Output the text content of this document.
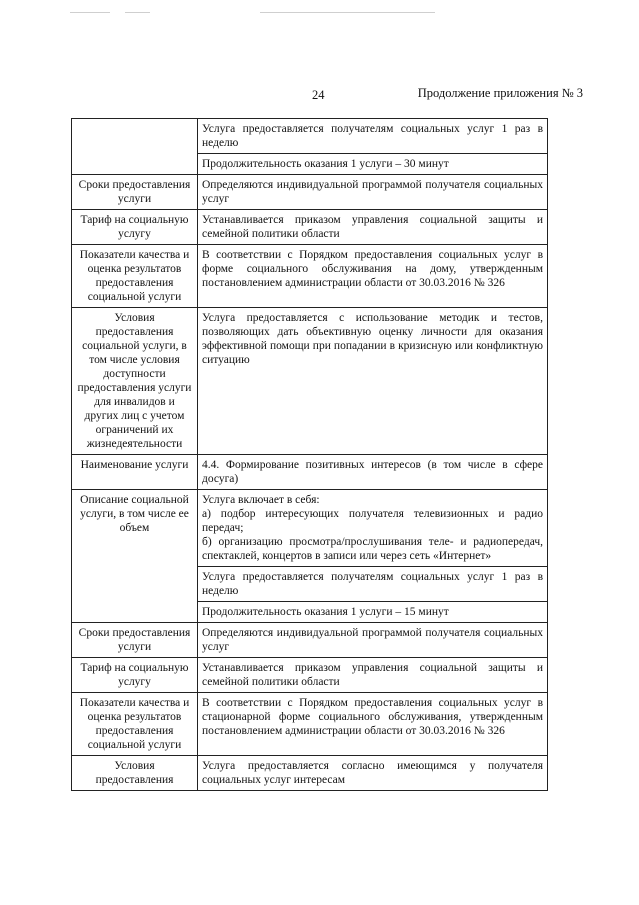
24	Продолжение приложения № 3
	Услуга предоставляется получателям социальных услуг 1 раз в неделю
	Продолжительность оказания 1 услуги – 30 минут
Сроки предоставления услуги	Определяются индивидуальной программой получателя социальных услуг
Тариф на социальную услугу	Устанавливается приказом управления социальной защиты и семейной политики области
Показатели качества и оценка результатов предоставления социальной услуги	В соответствии с Порядком предоставления социальных услуг в форме социального обслуживания на дому, утвержденным постановлением администрации области от 30.03.2016 № 326
Условия предоставления социальной услуги, в том числе условия доступности предоставления услуги для инвалидов и других лиц с учетом ограничений их жизнедеятельности	Услуга предоставляется с использование методик и тестов, позволяющих дать объективную оценку личности для оказания эффективной помощи при попадании в кризисную или конфликтную ситуацию
Наименование услуги	4.4. Формирование позитивных интересов (в том числе в сфере досуга)
Описание социальной услуги, в том числе ее объем	Услуга включает в себя:
а) подбор интересующих получателя телевизионных и радио передач;
б) организацию просмотра/прослушивания теле- и радиопередач, спектаклей, концертов в записи или через сеть «Интернет»
	Услуга предоставляется получателям социальных услуг 1 раз в неделю
	Продолжительность оказания 1 услуги – 15 минут
Сроки предоставления услуги	Определяются индивидуальной программой получателя социальных услуг
Тариф на социальную услугу	Устанавливается приказом управления социальной защиты и семейной политики области
Показатели качества и оценка результатов предоставления социальной услуги	В соответствии с Порядком предоставления социальных услуг в стационарной форме социального обслуживания, утвержденным постановлением администрации области от 30.03.2016 № 326
Условия предоставления	Услуга предоставляется согласно имеющимся у получателя социальных услуг интересам
